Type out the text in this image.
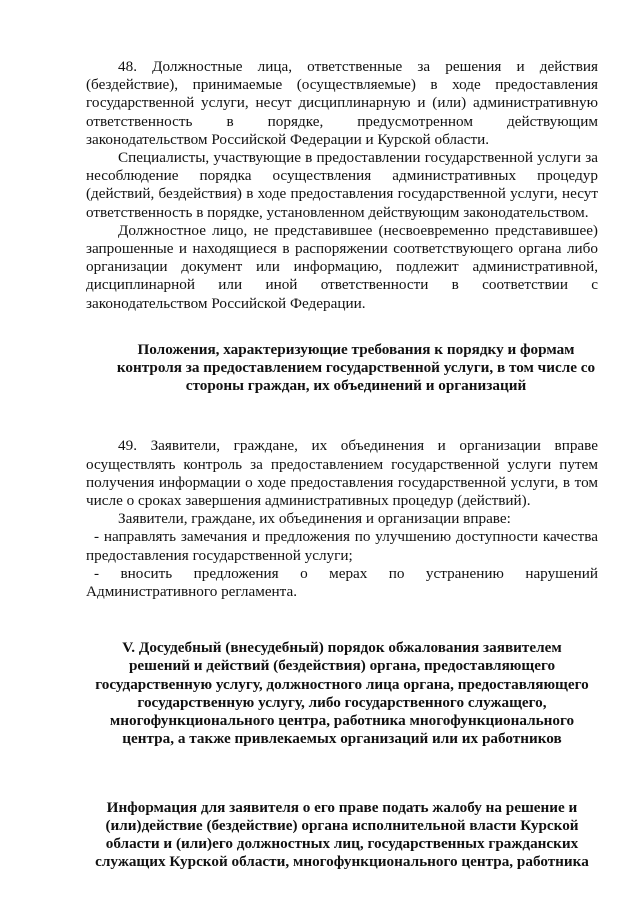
48. Должностные лица, ответственные за решения и действия (бездействие), принимаемые (осуществляемые) в ходе предоставления государственной услуги, несут дисциплинарную и (или) административную ответственность в порядке, предусмотренном действующим законодательством Российской Федерации и Курской области.

Специалисты, участвующие в предоставлении государственной услуги за несоблюдение порядка осуществления административных процедур (действий, бездействия) в ходе предоставления государственной услуги, несут ответственность в порядке, установленном действующим законодательством.

Должностное лицо, не представившее (несвоевременно представившее) запрошенные и находящиеся в распоряжении соответствующего органа либо организации документ или информацию, подлежит административной, дисциплинарной или иной ответственности в соответствии с законодательством Российской Федерации.

Положения, характеризующие требования к порядку и формам
контроля за предоставлением государственной услуги, в том числе со
стороны граждан, их объединений и организаций

49. Заявители, граждане, их объединения и организации вправе осуществлять контроль за предоставлением государственной услуги путем получения информации о ходе предоставления государственной услуги, в том числе о сроках завершения административных процедур (действий).

Заявители, граждане, их объединения и организации вправе:

- направлять замечания и предложения по улучшению доступности качества предоставления государственной услуги;

- вносить предложения о мерах по устранению нарушений Административного регламента.

V. Досудебный (внесудебный) порядок обжалования заявителем
решений и действий (бездействия) органа, предоставляющего
государственную услугу, должностного лица органа, предоставляющего
государственную услугу, либо государственного служащего,
многофункционального центра, работника многофункционального
центра, а также привлекаемых организаций или их работников
Информация для заявителя о его праве подать жалобу на решение и
(или)действие (бездействие) органа исполнительной власти Курской
области и (или)его должностных лиц, государственных гражданских
служащих Курской области, многофункционального центра, работника
